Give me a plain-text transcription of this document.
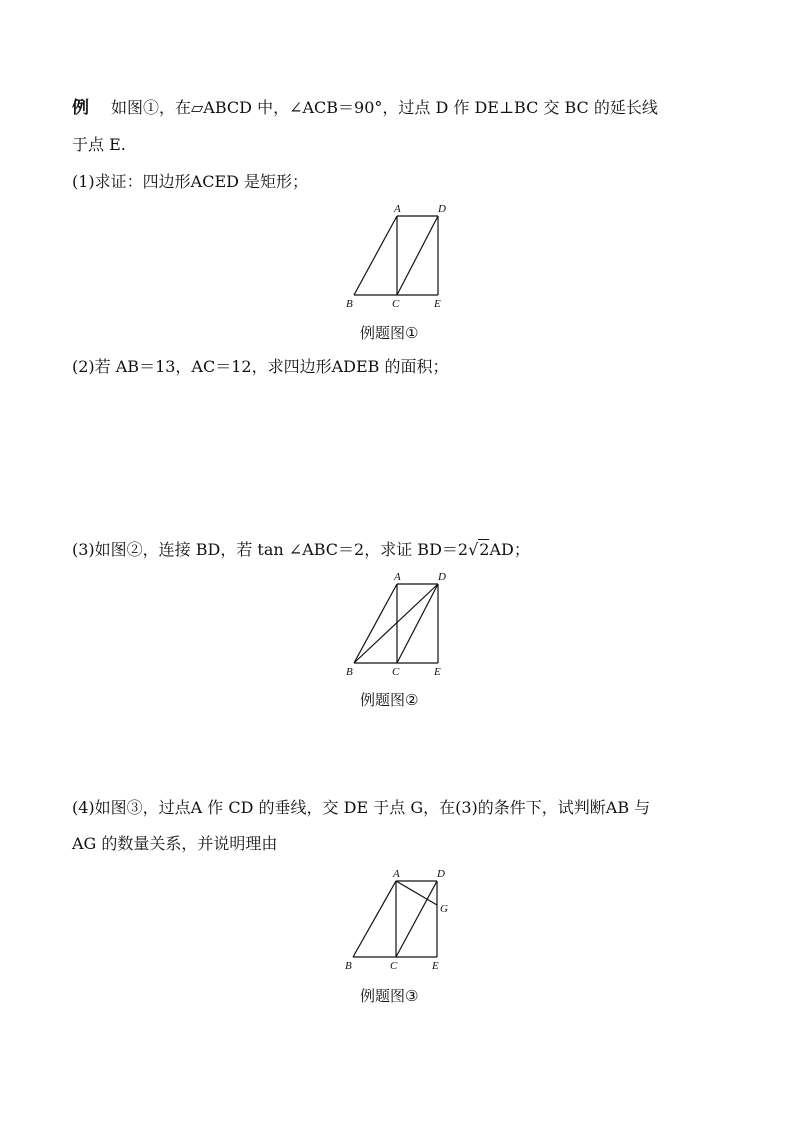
例 如图①，在▱ABCD 中，∠ACB＝90°，过点 D 作 DE⊥BC 交 BC 的延长线
于点 E.
(1)求证：四边形ACED 是矩形；
A	D
B	C	E
例题图①
(2)若 AB＝13，AC＝12，求四边形ADEB 的面积；
(3)如图②，连接 BD，若 tan ∠ABC＝2，求证 BD＝2√2AD；
A	D
B	C	E
例题图②
(4)如图③，过点A 作 CD 的垂线，交 DE 于点 G，在(3)的条件下，试判断AB 与
AG 的数量关系，并说明理由
A	D
G
B	C	E
例题图③
